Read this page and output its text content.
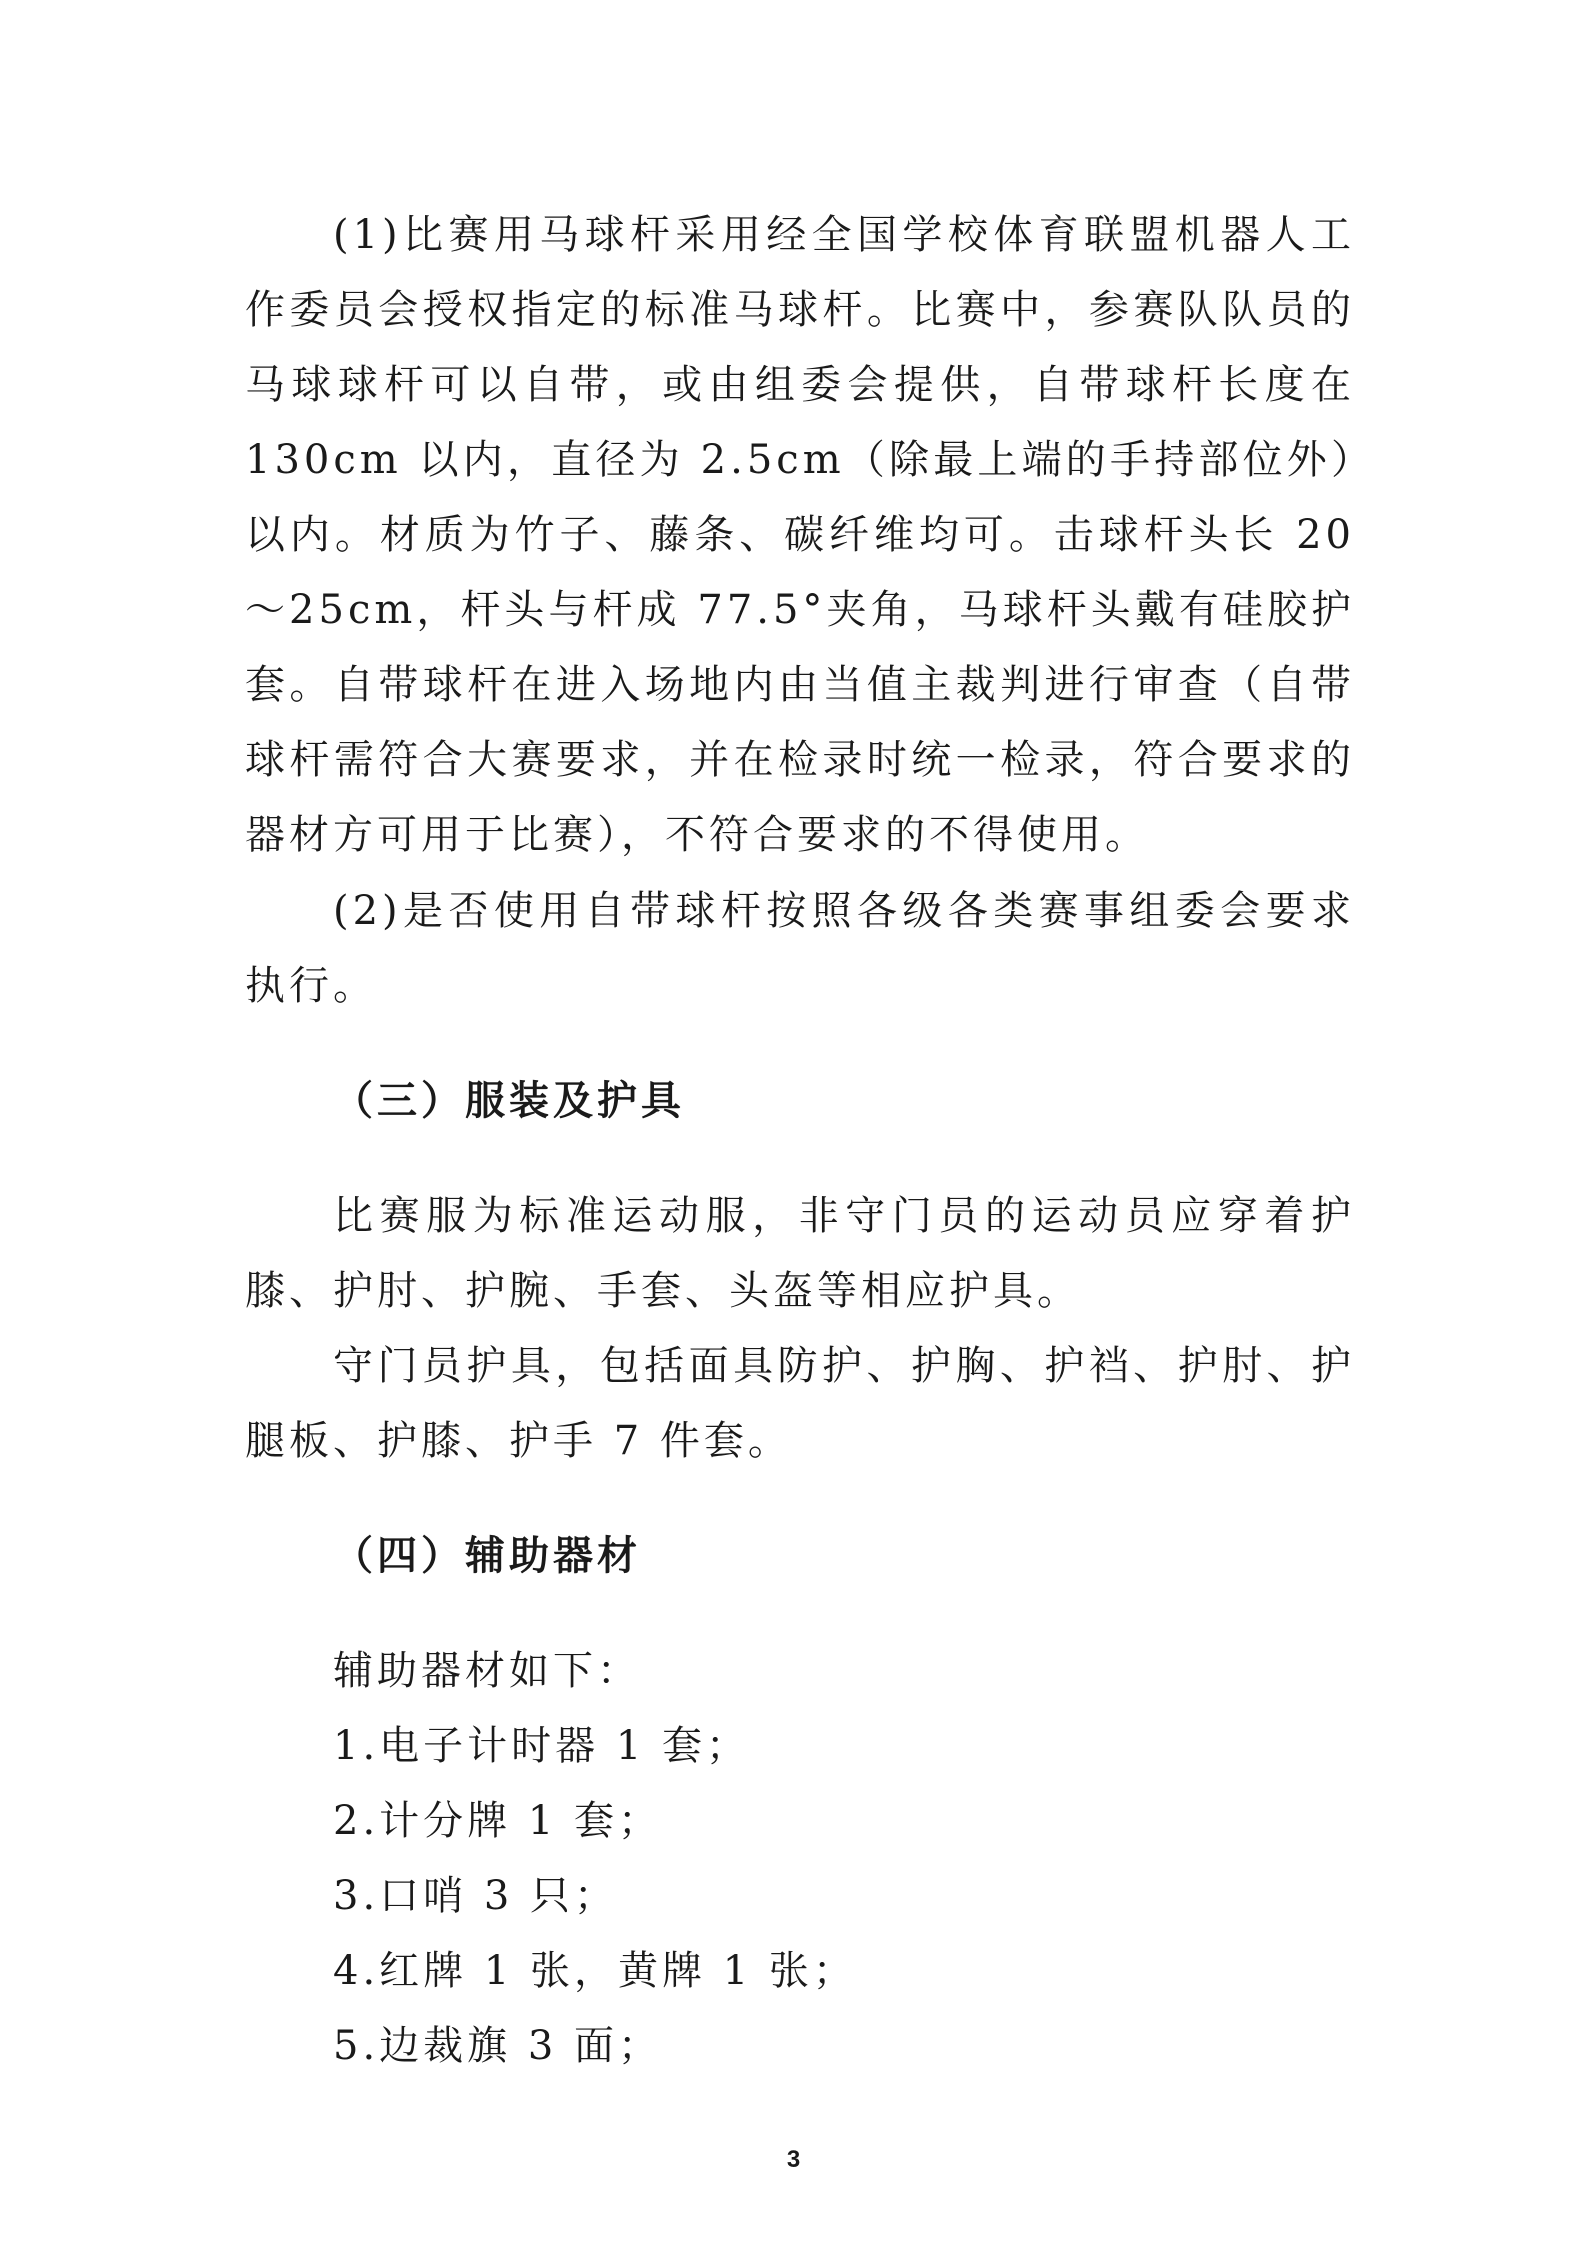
(1)比赛用马球杆采用经全国学校体育联盟机器人工作委员会授权指定的标准马球杆。比赛中，参赛队队员的马球球杆可以自带，或由组委会提供，自带球杆长度在 130cm 以内，直径为 2.5cm（除最上端的手持部位外）以内。材质为竹子、藤条、碳纤维均可。击球杆头长 20～25cm，杆头与杆成 77.5°夹角，马球杆头戴有硅胶护套。自带球杆在进入场地内由当值主裁判进行审查（自带球杆需符合大赛要求，并在检录时统一检录，符合要求的器材方可用于比赛），不符合要求的不得使用。

(2)是否使用自带球杆按照各级各类赛事组委会要求执行。

（三）服装及护具

比赛服为标准运动服，非守门员的运动员应穿着护膝、护肘、护腕、手套、头盔等相应护具。

守门员护具，包括面具防护、护胸、护裆、护肘、护腿板、护膝、护手 7 件套。

（四）辅助器材

辅助器材如下：

1.电子计时器 1 套；

2.计分牌 1 套；

3.口哨 3 只；

4.红牌 1 张，黄牌 1 张；

5.边裁旗 3 面；

3
